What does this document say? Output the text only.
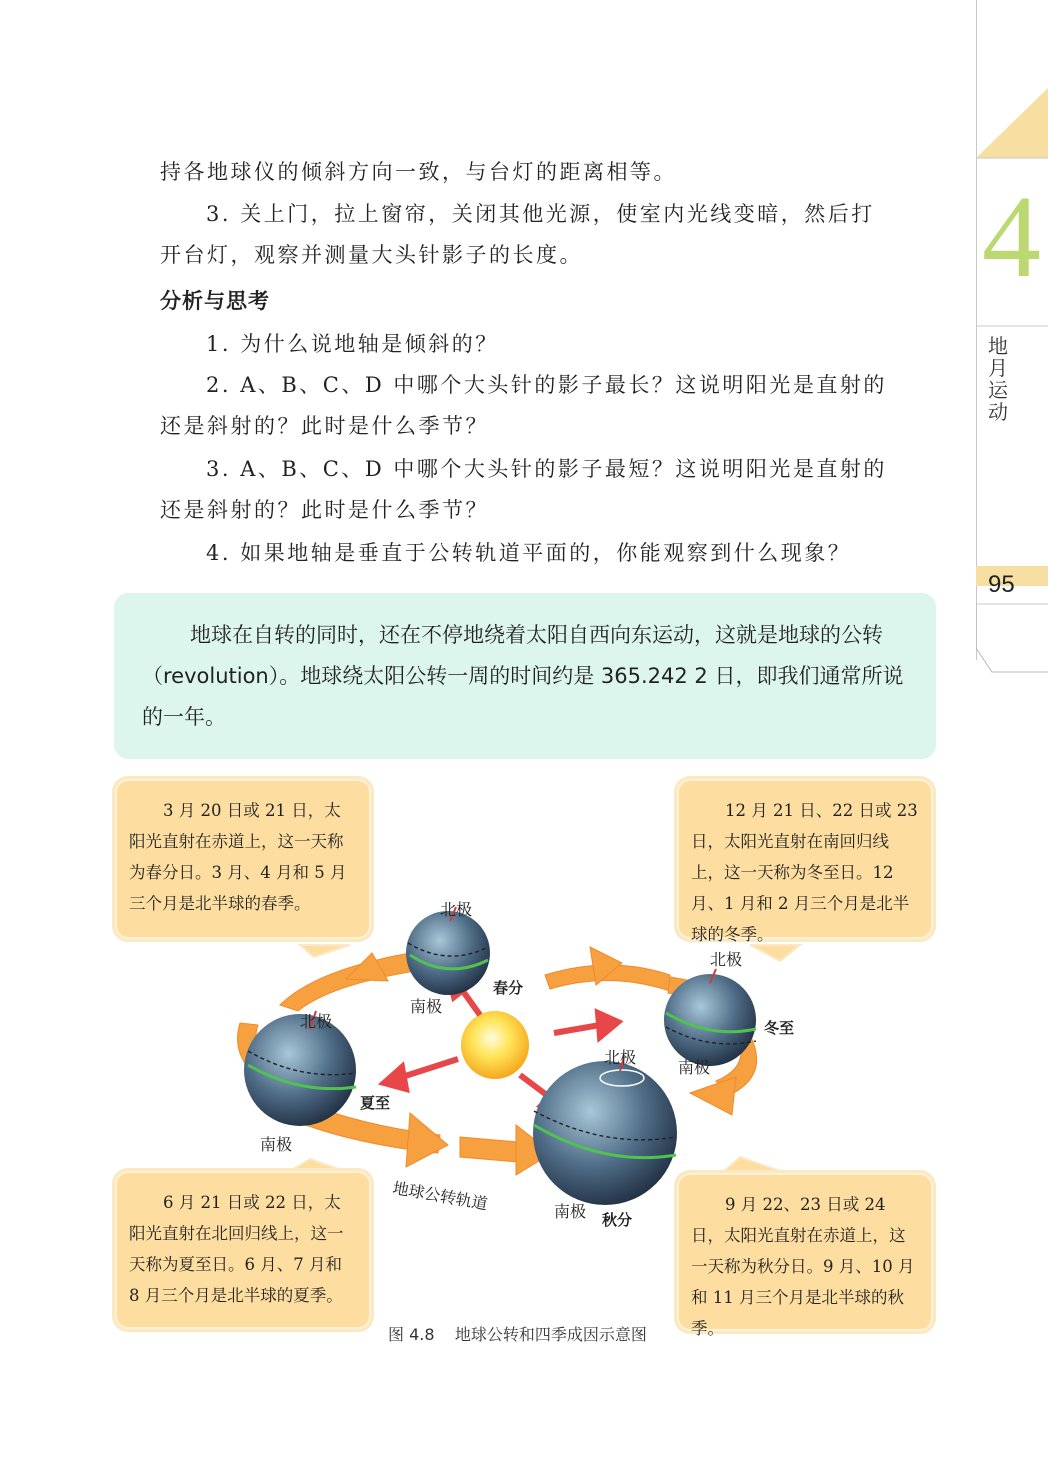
持各地球仪的倾斜方向一致，与台灯的距离相等。

3. 关上门，拉上窗帘，关闭其他光源，使室内光线变暗，然后打

开台灯，观察并测量大头针影子的长度。

分析与思考

1. 为什么说地轴是倾斜的？

2. A、B、C、D 中哪个大头针的影子最长？这说明阳光是直射的

还是斜射的？此时是什么季节？

3. A、B、C、D 中哪个大头针的影子最短？这说明阳光是直射的

还是斜射的？此时是什么季节？

4. 如果地轴是垂直于公转轨道平面的，你能观察到什么现象？

4
地月运动
95

地球在自转的同时，还在不停地绕着太阳自西向东运动，这就是地球的公转（revolution）。地球绕太阳公转一周的时间约是 365.242 2 日，即我们通常所说的一年。

北极
南极
春分
北极
南极
夏至
北极
南极
冬至
北极
南极 秋分
地球公转轨道

3 月 20 日或 21 日，太阳光直射在赤道上，这一天称为春分日。3 月、4 月和 5 月三个月是北半球的春季。

12 月 21 日、22 日或 23 日，太阳光直射在南回归线上，这一天称为冬至日。12 月、1 月和 2 月三个月是北半球的冬季。

6 月 21 日或 22 日，太阳光直射在北回归线上，这一天称为夏至日。6 月、7 月和 8 月三个月是北半球的夏季。

9 月 22、23 日或 24 日，太阳光直射在赤道上，这一天称为秋分日。9 月、10 月和 11 月三个月是北半球的秋季。

图 4.8    地球公转和四季成因示意图
